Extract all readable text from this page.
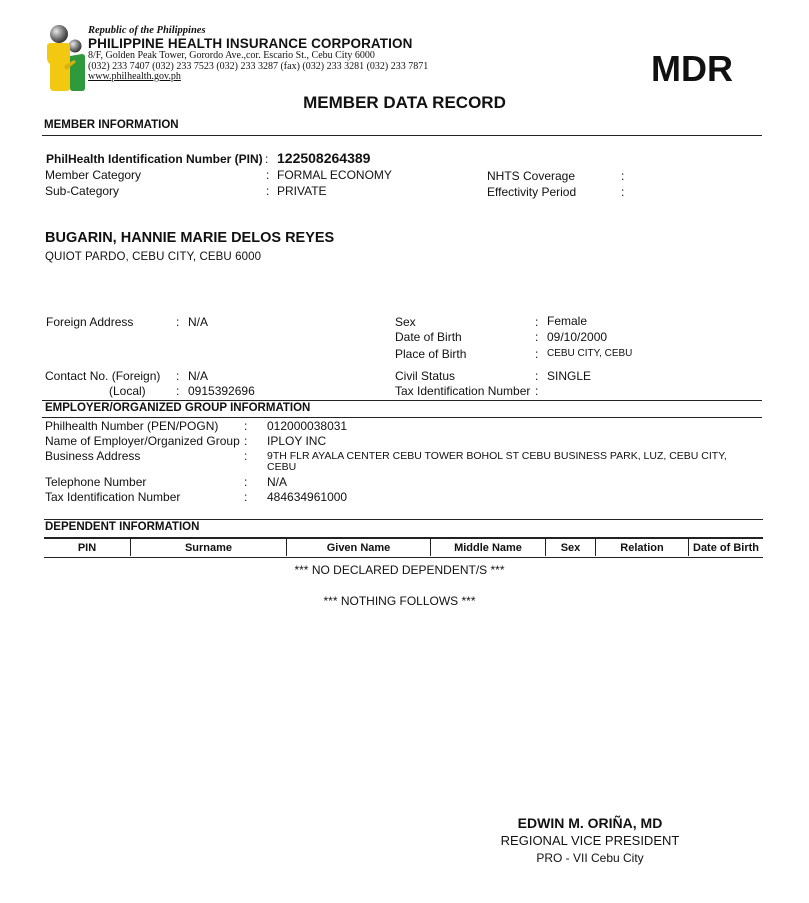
Republic of the Philippines
PHILIPPINE HEALTH INSURANCE CORPORATION
8/F, Golden Peak Tower, Gorordo Ave.,cor. Escario St., Cebu City 6000
(032) 233 7407 (032) 233 7523 (032) 233 3287 (fax) (032) 233 3281 (032) 233 7871
www.philhealth.gov.ph	MDR
MEMBER DATA RECORD
MEMBER INFORMATION
PhilHealth Identification Number (PIN) : 122508264389
Member Category	: FORMAL ECONOMY
Sub-Category	: PRIVATE
NHTS Coverage	:
Effectivity Period	:
BUGARIN, HANNIE MARIE DELOS REYES
QUIOT PARDO, CEBU CITY, CEBU 6000
Foreign Address	: N/A
Contact No. (Foreign) : N/A
(Local)	: 0915392696
Sex	: Female
Date of Birth	: 09/10/2000
Place of Birth	: CEBU CITY, CEBU
Civil Status	: SINGLE
Tax Identification Number :
EMPLOYER/ORGANIZED GROUP INFORMATION
Philhealth Number (PEN/POGN) : 012000038031
Name of Employer/Organized Group : IPLOY INC
Business Address	: 9TH FLR AYALA CENTER CEBU TOWER BOHOL ST CEBU BUSINESS PARK, LUZ, CEBU CITY,
CEBU
Telephone Number	: N/A
Tax Identification Number	: 484634961000
DEPENDENT INFORMATION
PIN	Surname	Given Name	Middle Name	Sex	Relation	Date of Birth
*** NO DECLARED DEPENDENT/S ***
*** NOTHING FOLLOWS ***
EDWIN M. ORIÑA, MD
REGIONAL VICE PRESIDENT
PRO - VII Cebu City
